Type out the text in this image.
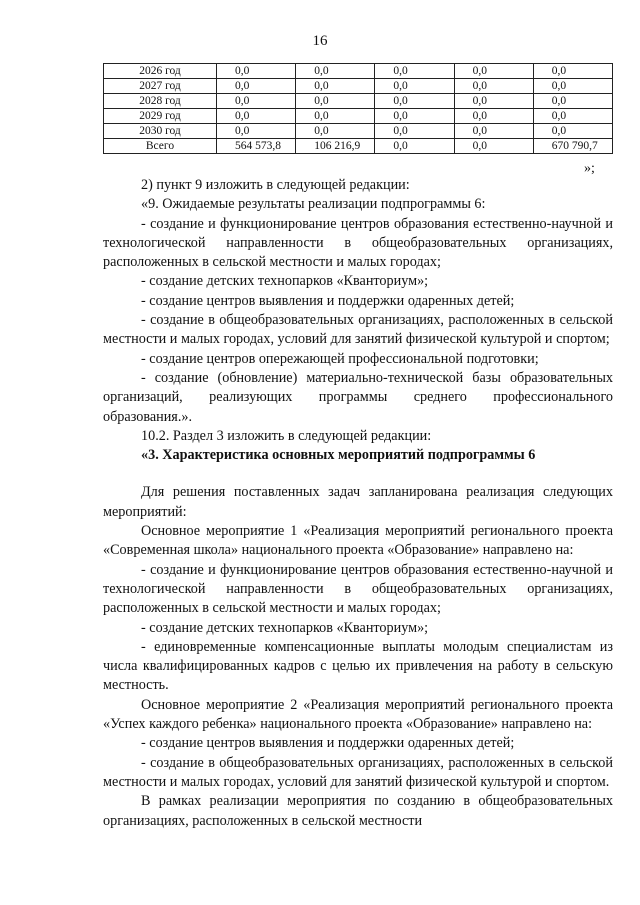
16
2026 год	0,0	0,0	0,0	0,0	0,0
2027 год	0,0	0,0	0,0	0,0	0,0
2028 год	0,0	0,0	0,0	0,0	0,0
2029 год	0,0	0,0	0,0	0,0	0,0
2030 год	0,0	0,0	0,0	0,0	0,0
Всего	564 573,8	106 216,9	0,0	0,0	670 790,7
»;

2) пункт 9 изложить в следующей редакции:

«9. Ожидаемые результаты реализации подпрограммы 6:

- создание и функционирование центров образования естественно-научной и технологической направленности в общеобразовательных организациях, расположенных в сельской местности и малых городах;

- создание детских технопарков «Кванториум»;

- создание центров выявления и поддержки одаренных детей;

- создание в общеобразовательных организациях, расположенных в сельской местности и малых городах, условий для занятий физической культурой и спортом;

- создание центров опережающей профессиональной подготовки;

- создание (обновление) материально-технической базы образовательных организаций, реализующих программы среднего профессионального образования.».

10.2. Раздел 3 изложить в следующей редакции:

«3. Характеристика основных мероприятий подпрограммы 6

Для решения поставленных задач запланирована реализация следующих мероприятий:

Основное мероприятие 1 «Реализация мероприятий регионального проекта «Современная школа» национального проекта «Образование» направлено на:

- создание и функционирование центров образования естественно-научной и технологической направленности в общеобразовательных организациях, расположенных в сельской местности и малых городах;

- создание детских технопарков «Кванториум»;

- единовременные компенсационные выплаты молодым специалистам из числа квалифицированных кадров с целью их привлечения на работу в сельскую местность.

Основное мероприятие 2 «Реализация мероприятий регионального проекта «Успех каждого ребенка» национального проекта «Образование» направлено на:

- создание центров выявления и поддержки одаренных детей;

- создание в общеобразовательных организациях, расположенных в сельской местности и малых городах, условий для занятий физической культурой и спортом.

В рамках реализации мероприятия по созданию в общеобразовательных организациях, расположенных в сельской местности
